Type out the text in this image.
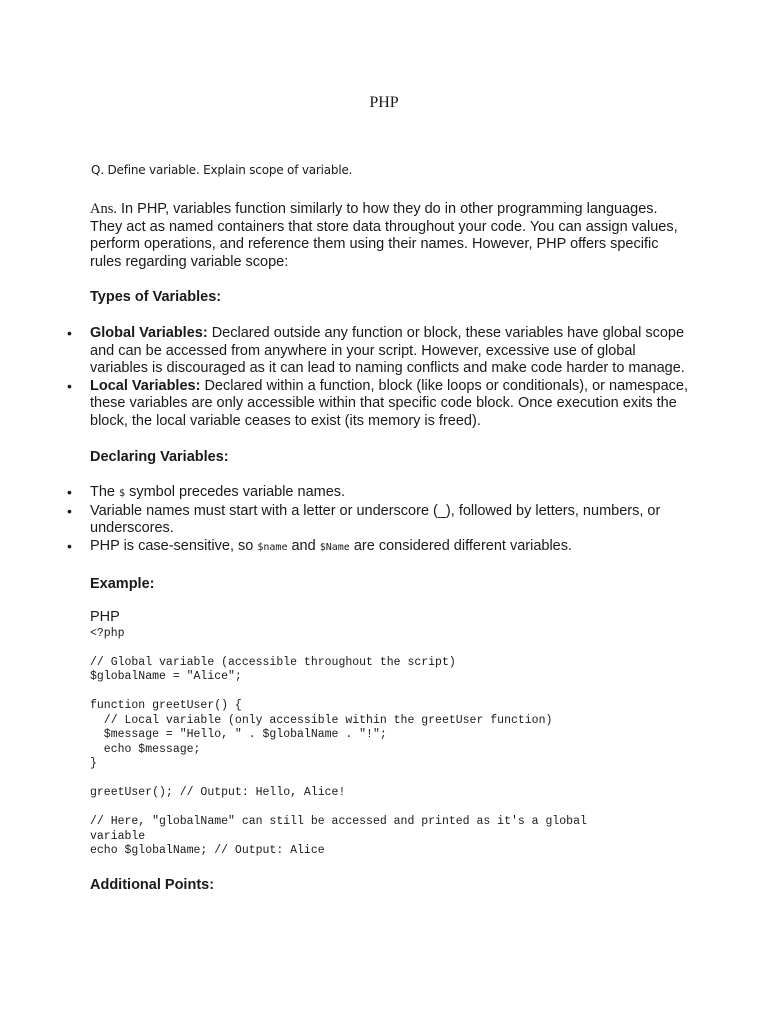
PHP
Q. Define variable. Explain scope of variable.

Ans. In PHP, variables function similarly to how they do in other programming languages. They act as named containers that store data throughout your code. You can assign values, perform operations, and reference them using their names. However, PHP offers specific rules regarding variable scope:

Types of Variables:

• Global Variables: Declared outside any function or block, these variables have global scope and can be accessed from anywhere in your script. However, excessive use of global variables is discouraged as it can lead to naming conflicts and make code harder to manage.
• Local Variables: Declared within a function, block (like loops or conditionals), or namespace, these variables are only accessible within that specific code block. Once execution exits the block, the local variable ceases to exist (its memory is freed).

Declaring Variables:

• The $ symbol precedes variable names.
• Variable names must start with a letter or underscore (_), followed by letters, numbers, or underscores.
• PHP is case-sensitive, so $name and $Name are considered different variables.

Example:

PHP

<?php

// Global variable (accessible throughout the script)
$globalName = "Alice";

function greetUser() {
// Local variable (only accessible within the greetUser function)
$message = "Hello, " . $globalName . "!";
echo $message;
}

greetUser(); // Output: Hello, Alice!

// Here, "globalName" can still be accessed and printed as it's a global
variable
echo $globalName; // Output: Alice

Additional Points:
